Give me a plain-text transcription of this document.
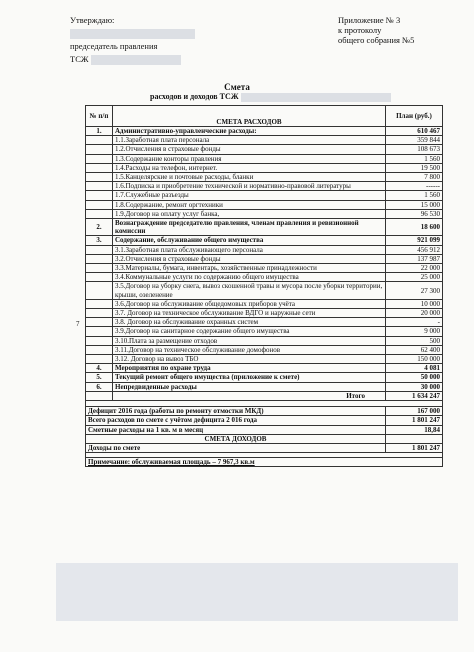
Утверждаю:
председатель правления
ТСЖ
Приложение № 3
к протоколу
общего собрания №5
Смета
расходов и доходов ТСЖ
7
№ п/п	СМЕТА РАСХОДОВ	План (руб.)
1.	Административно-управленческие расходы:	610 467
	1.1.Заработная плата персонала	359 844
	1.2.Отчисления в страховые фонды	108 673
	1.3.Содержание конторы правления	1 560
	1.4.Расходы на телефон, интернет.	19 500
	1.5.Канцелярские и почтовые расходы, бланки	7 800
	1.6.Подписка и приобретение технической и нормативно-правовой литературы	------
	1.7.Служебные разъезды	1 560
	1.8.Содержание, ремонт оргтехники	15 000
	1.9.Договор на оплату услуг банка,	96 530
2.	Вознаграждение председателю правления, членам правления и ревизионной комиссии	18 600
3.	Содержание, обслуживание общего имущества	921 099
	3.1.Заработная плата обслуживающего персонала	456 912
	3.2.Отчисления в страховые фонды	137 987
	3.3.Материалы, бумага, инвентарь, хозяйственные принадлежности	22 000
	3.4.Коммунальные услуги по содержанию общего имущества	25 000
	3.5.Договор на уборку снега, вывоз скошенной травы и мусора после уборки территории, крыши, озеленение	27 300
	3.6.Договор на обслуживание общедомовых приборов учёта	10 000
	3.7. Договор на техническое обслуживание ВДГО и наружные сети	20 000
	3.8. Договор на обслуживание охранных систем	-
	3.9.Договор на санитарное содержание общего имущества	9 000
	3.10.Плата за размещение отходов	500
	3.11.Договор на техническое обслуживание домофонов	62 400
	3.12. Договор на вывоз ТБО	150 000
4.	Мероприятия по охране труда	4 081
5.	Текущий ремонт общего имущества (приложение к смете)	50 000
6.	Непредвиденные расходы	30 000
	Итого	1 634 247

Дефицит 2016 года (работы по ремонту отмостки МКД)		167 000
Всего расходов по смете с учётом дефицита 2 016 года		1 801 247
Сметные расходы на 1 кв. м в месяц		18,84
СМЕТА ДОХОДОВ		
Доходы по смете		1 801 247

Примечание: обслуживаемая площадь – 7 967,3 кв.м		
